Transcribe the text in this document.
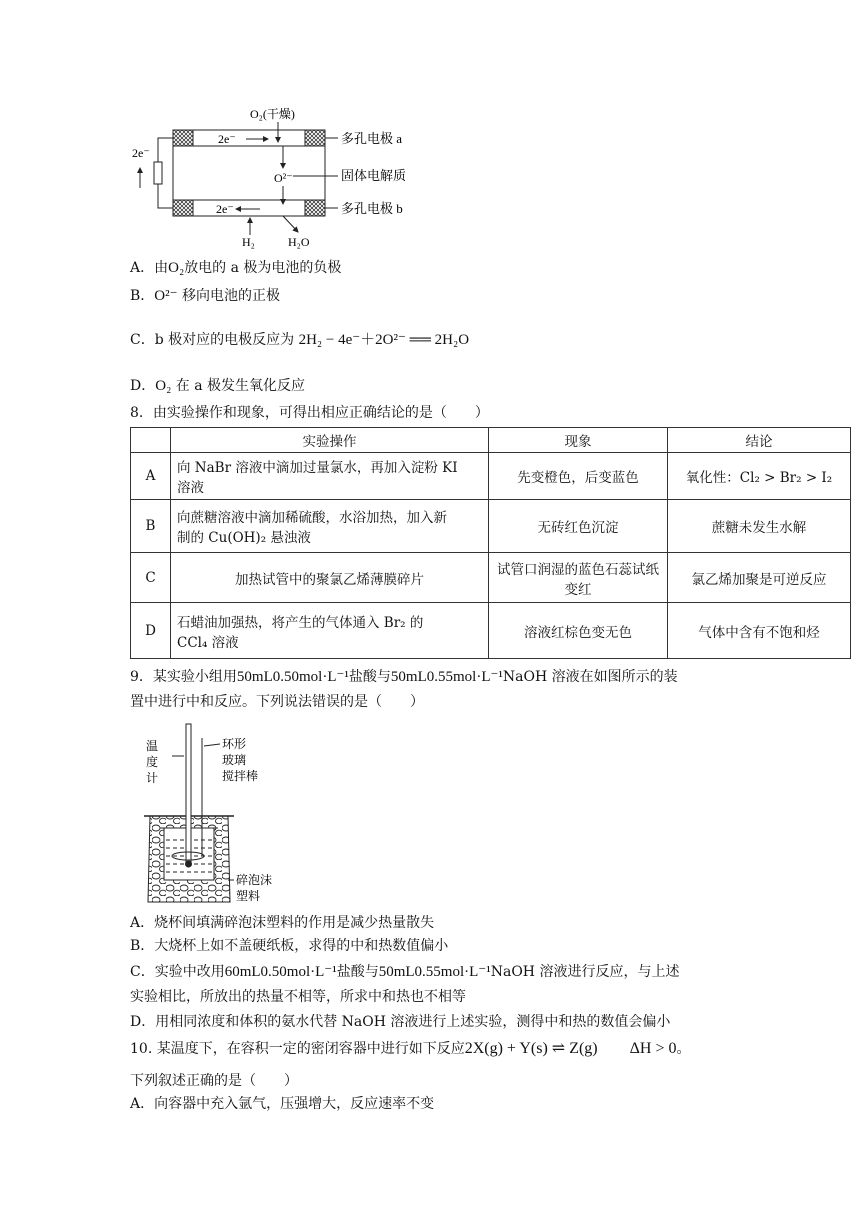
2e⁻
O₂(干燥)
2e⁻
O²⁻
2e⁻
H₂	H₂O
多孔电极 a
固体电解质
多孔电极 b
A．由O₂放电的 a 极为电池的负极
B．O²⁻ 移向电池的正极
C．b 极对应的电极反应为 2H₂ − 4e⁻＋2O²⁻ ══ 2H₂O
D．O₂ 在 a 极发生氧化反应
8．由实验操作和现象，可得出相应正确结论的是（　　）
	实验操作	现象	结论
A	向 NaBr 溶液中滴加过量氯水，再加入淀粉 KI
溶液	先变橙色，后变蓝色	氧化性：Cl₂ > Br₂ > I₂
B	向蔗糖溶液中滴加稀硫酸，水浴加热，加入新
制的 Cu(OH)₂ 悬浊液	无砖红色沉淀	蔗糖未发生水解
C	加热试管中的聚氯乙烯薄膜碎片	试管口润湿的蓝色石蕊试纸变红	氯乙烯加聚是可逆反应
D	石蜡油加强热，将产生的气体通入 Br₂ 的
CCl₄ 溶液	溶液红棕色变无色	气体中含有不饱和烃
9．某实验小组用50mL0.50mol·L⁻¹盐酸与50mL0.55mol·L⁻¹NaOH 溶液在如图所示的装
置中进行中和反应。下列说法错误的是（　　）
温
度
计
环形
玻璃
搅拌棒
碎泡沫
塑料
A．烧杯间填满碎泡沫塑料的作用是减少热量散失
B．大烧杯上如不盖硬纸板，求得的中和热数值偏小
C．实验中改用60mL0.50mol·L⁻¹盐酸与50mL0.55mol·L⁻¹NaOH 溶液进行反应，与上述
实验相比，所放出的热量不相等，所求中和热也不相等
D．用相同浓度和体积的氨水代替 NaOH 溶液进行上述实验，测得中和热的数值会偏小
10. 某温度下，在容积一定的密闭容器中进行如下反应2X(g) + Y(s) ⇌ Z(g)　　ΔH > 0。
下列叙述正确的是（　　）
A．向容器中充入氩气，压强增大，反应速率不变
